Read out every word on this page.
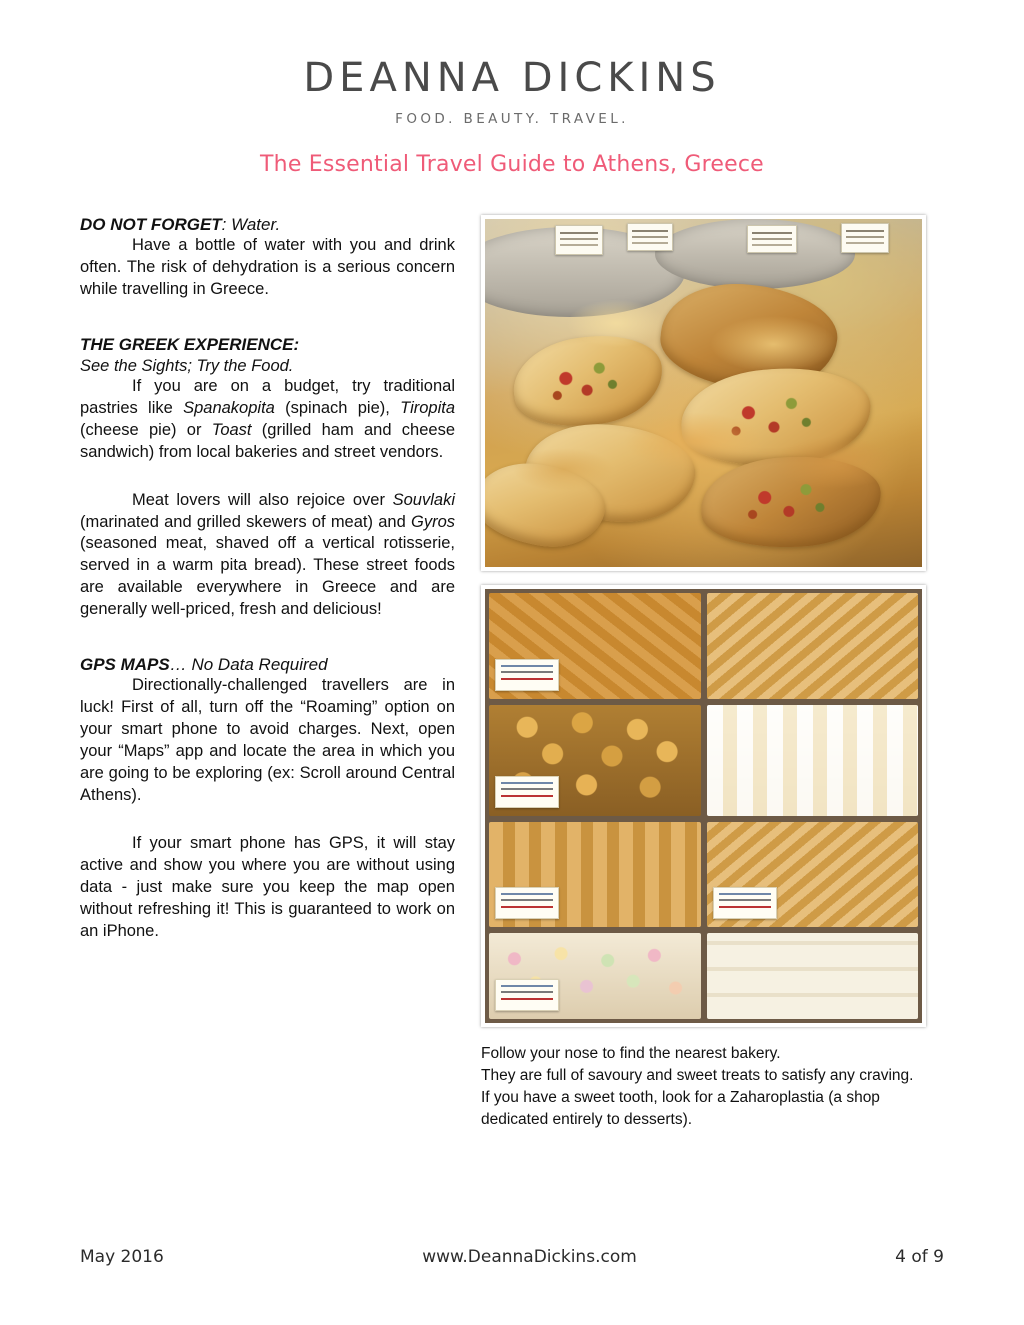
DEANNA DICKINS
FOOD. BEAUTY. TRAVEL.
The Essential Travel Guide to Athens, Greece

DO NOT FORGET: Water.

Have a bottle of water with you and drink often. The risk of dehydration is a serious concern while travelling in Greece.

THE GREEK EXPERIENCE:

See the Sights; Try the Food.

If you are on a budget, try traditional pastries like Spanakopita (spinach pie), Tiropita (cheese pie) or Toast (grilled ham and cheese sandwich) from local bakeries and street vendors.

Meat lovers will also rejoice over Souvlaki (marinated and grilled skewers of meat) and Gyros (seasoned meat, shaved off a vertical rotisserie, served in a warm pita bread). These street foods are available everywhere in Greece and are generally well-priced, fresh and delicious!

GPS MAPS… No Data Required

Directionally-challenged travellers are in luck! First of all, turn off the “Roaming” option on your smart phone to avoid charges. Next, open your “Maps” app and locate the area in which you are going to be exploring (ex: Scroll around Central Athens).

If your smart phone has GPS, it will stay active and show you where you are without using data - just make sure you keep the map open without refreshing it! This is guaranteed to work on an iPhone.

Follow your nose to find the nearest bakery.
They are full of savoury and sweet treats to satisfy any craving.
If you have a sweet tooth, look for a Zaharoplastia (a shop dedicated entirely to desserts).
May 2016	www.DeannaDickins.com	4 of 9
